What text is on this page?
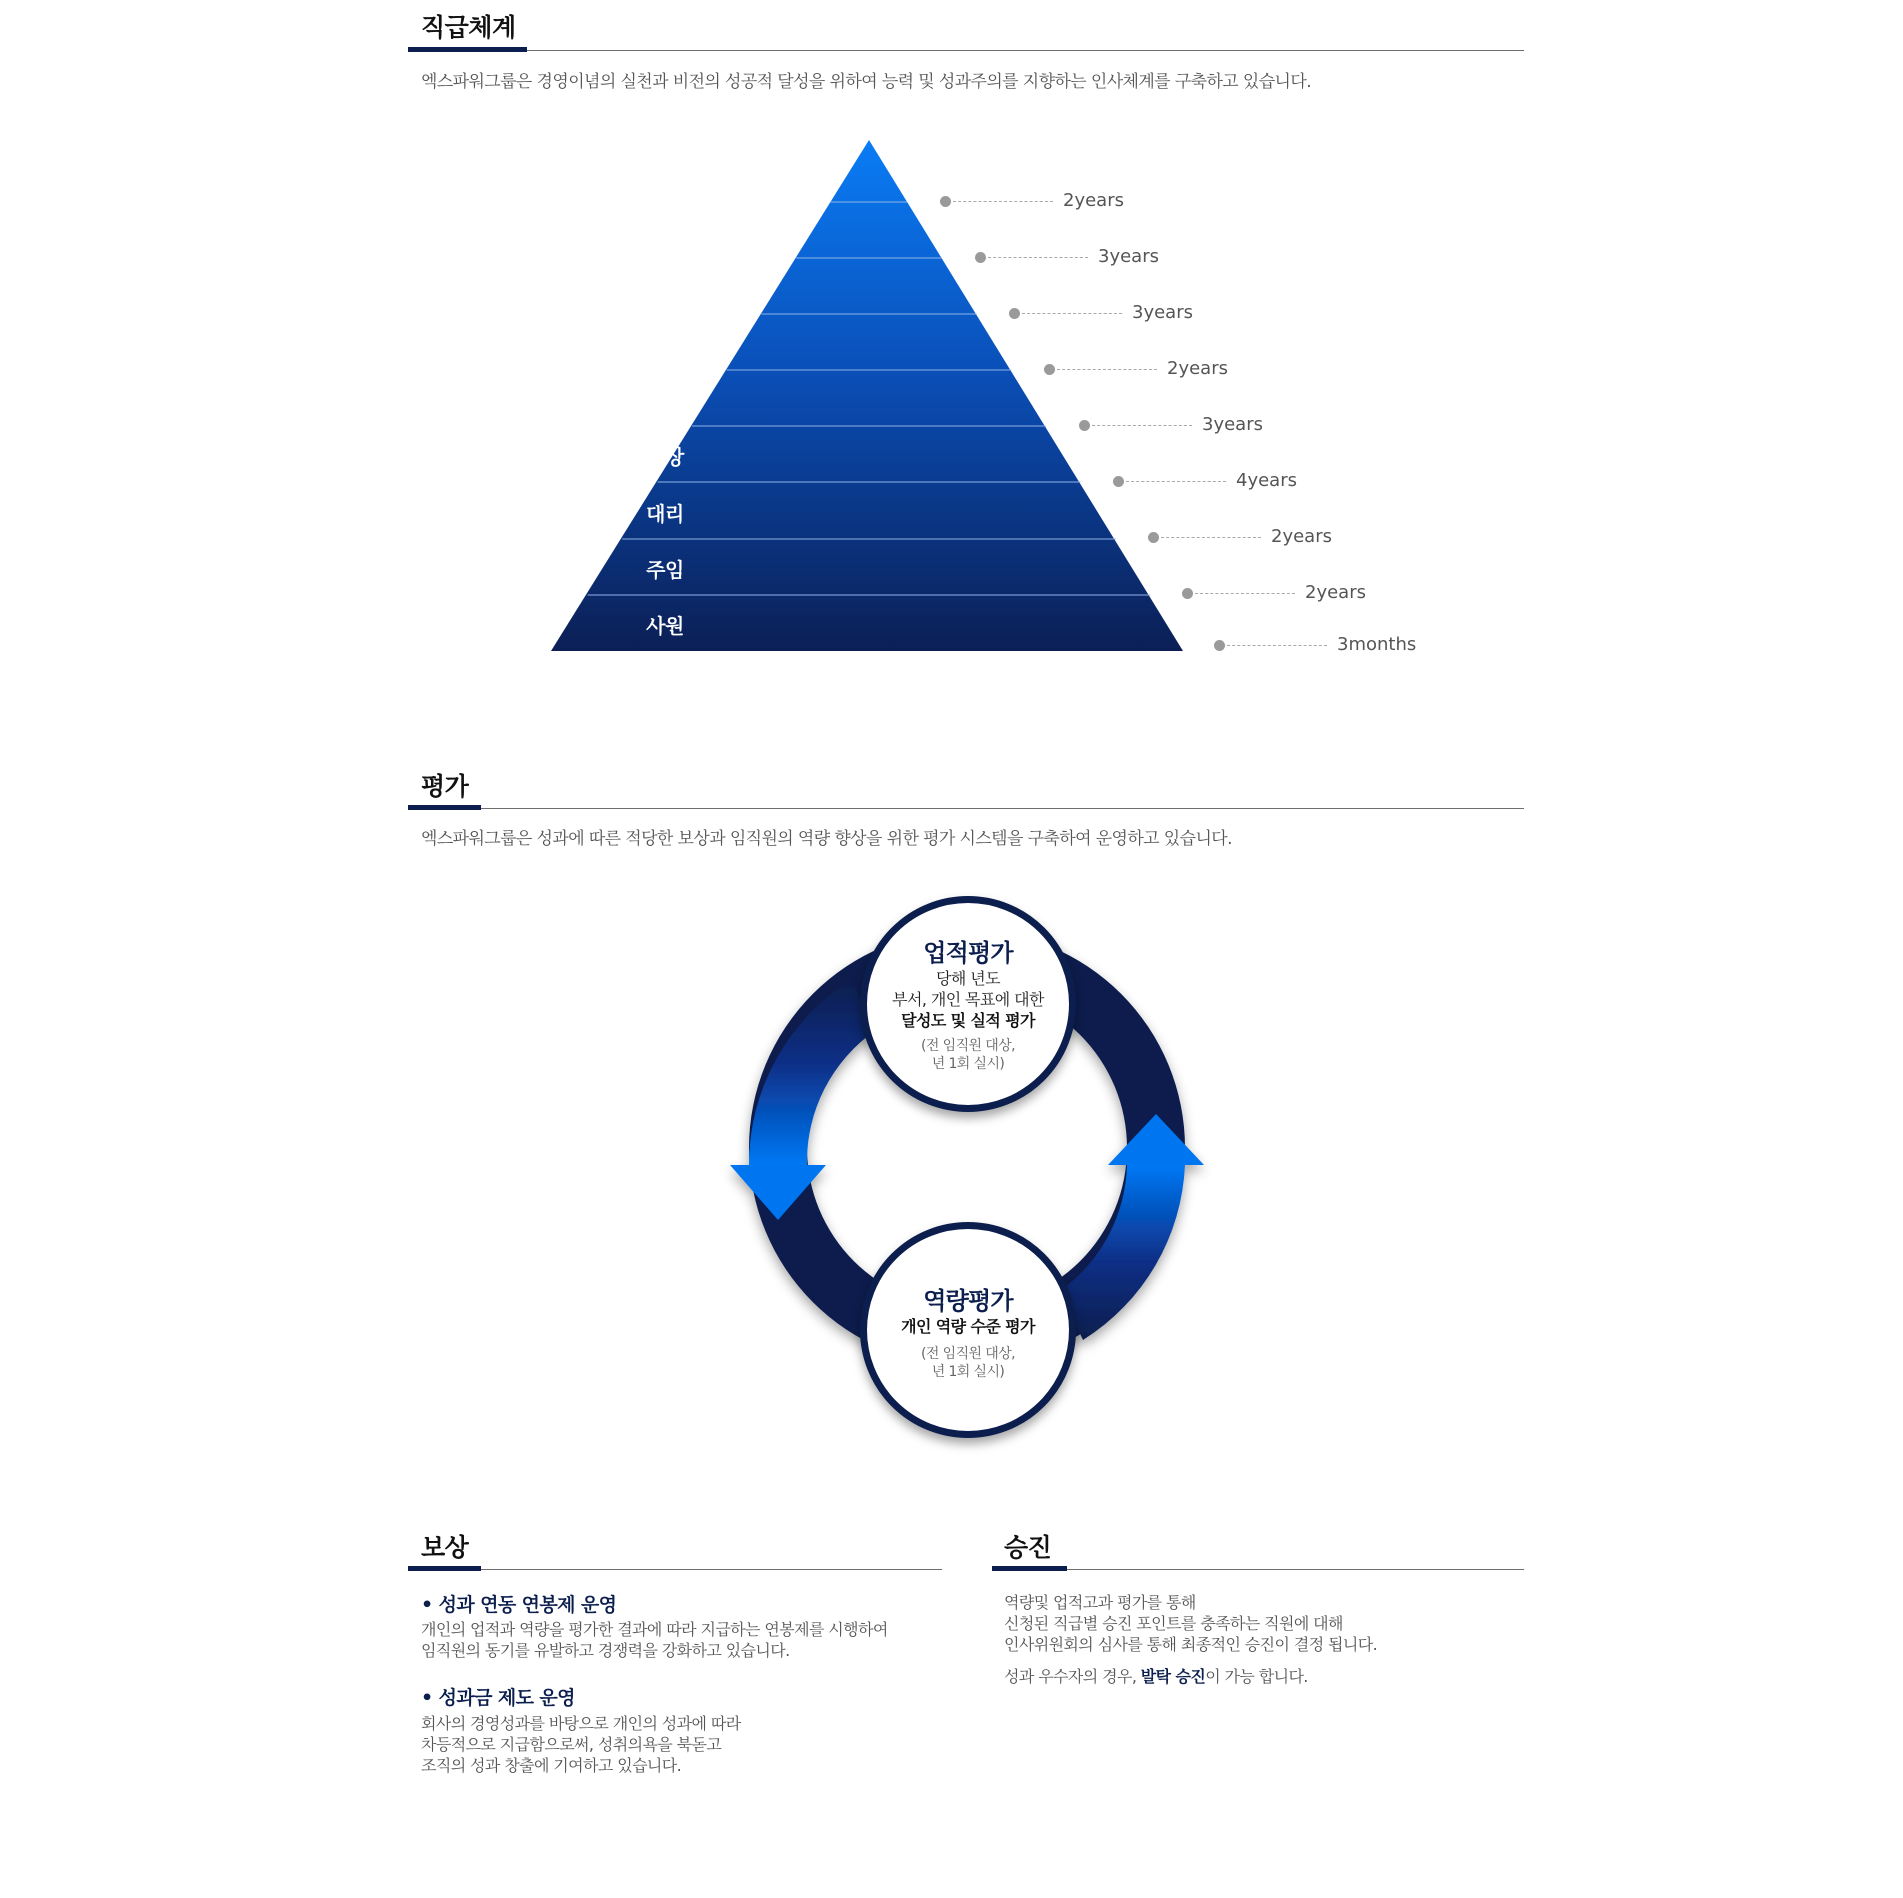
직급체계
엑스파워그룹은 경영이념의 실천과 비전의 성공적 달성을 위하여 능력 및 성과주의를 지향하는 인사체계를 구축하고 있습니다.
부사장
전무
상무
부장
차장
과장
대리
주임
사원
2years
3years
3years
2years
3years
4years
2years
2years
3months
평가
엑스파워그룹은 성과에 따른 적당한 보상과 임직원의 역량 향상을 위한 평가 시스템을 구축하여 운영하고 있습니다.
업적평가
당해 년도
부서, 개인 목표에 대한
달성도 및 실적 평가
(전 임직원 대상,
년 1회 실시)
역량평가
개인 역량 수준 평가
(전 임직원 대상,
년 1회 실시)
보상
• 성과 연동 연봉제 운영
개인의 업적과 역량을 평가한 결과에 따라 지급하는 연봉제를 시행하여
임직원의 동기를 유발하고 경쟁력을 강화하고 있습니다.
• 성과금 제도 운영
회사의 경영성과를 바탕으로 개인의 성과에 따라
차등적으로 지급함으로써, 성취의욕을 북돋고
조직의 성과 창출에 기여하고 있습니다.
승진
역량및 업적고과 평가를 통해
신청된 직급별 승진 포인트를 충족하는 직원에 대해
인사위원회의 심사를 통해 최종적인 승진이 결정 됩니다.
성과 우수자의 경우, 발탁 승진이 가능 합니다.
